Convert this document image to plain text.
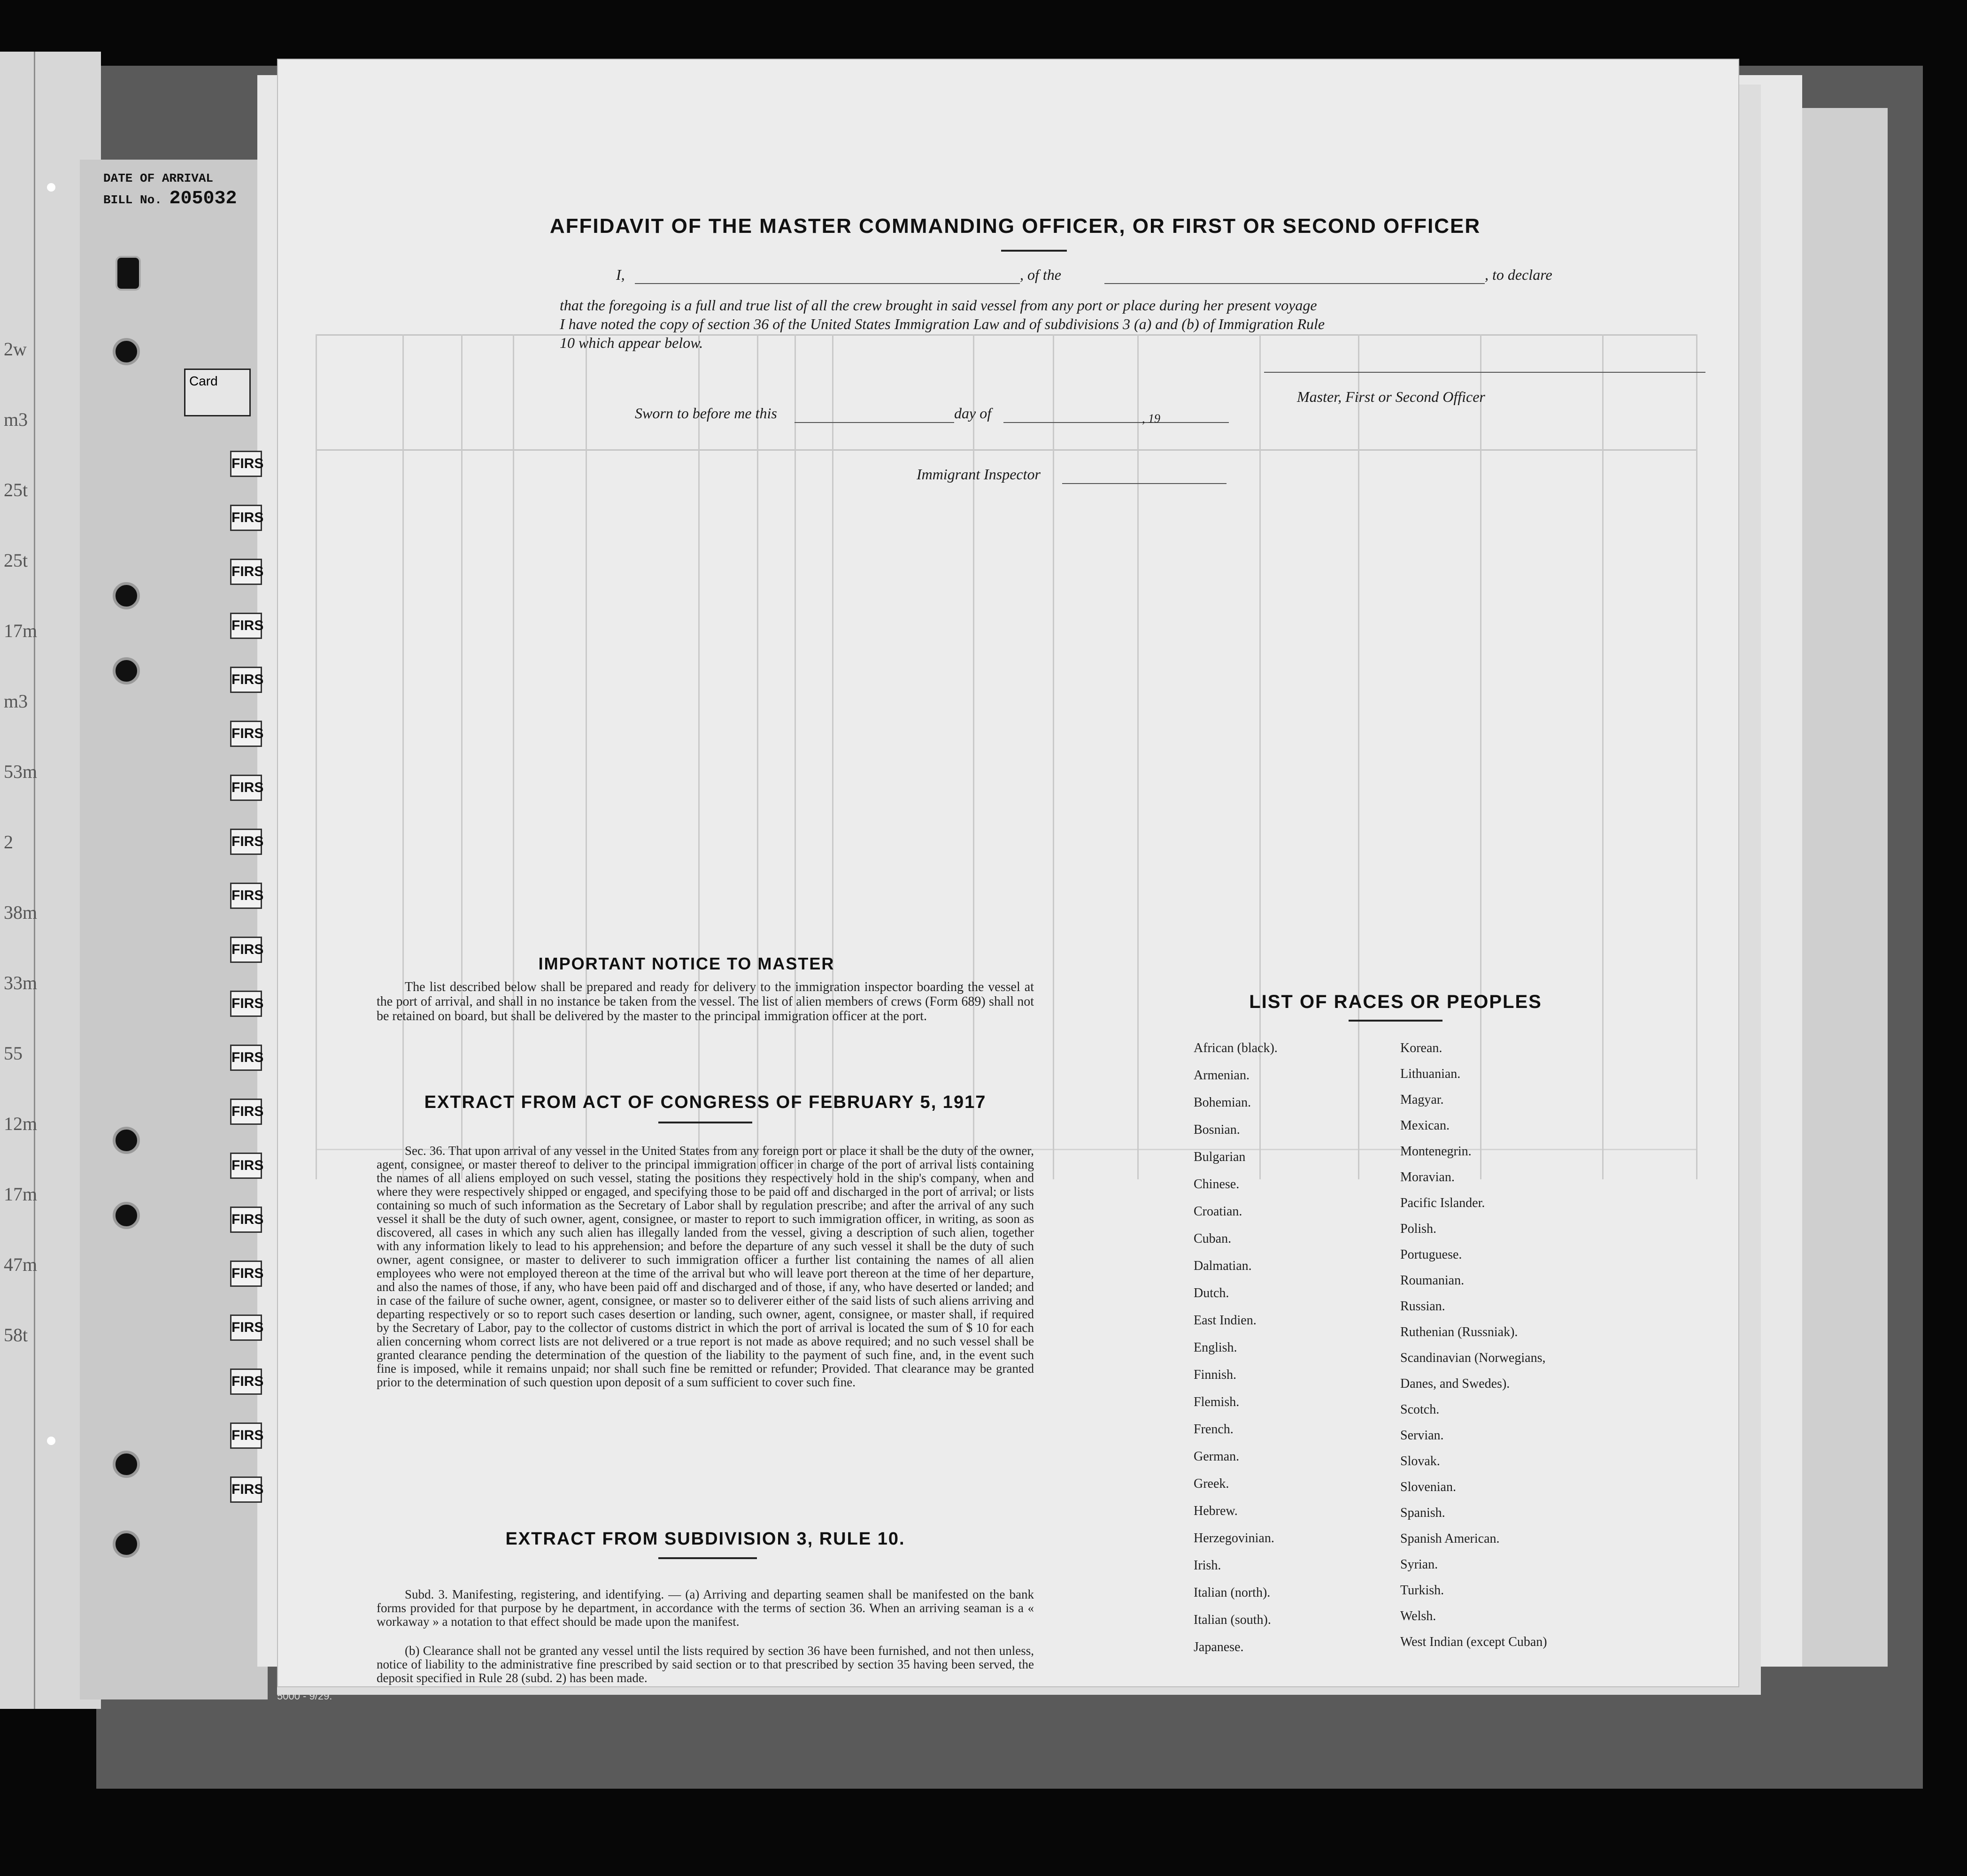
2w
m3
25t
25t
17m
m3
53m
2
38m
33m
55
12m
17m
47m
58t
DATE OF ARRIVAL
BILL No. 205032
Card
FIRS
FIRS
FIRS
FIRS
FIRS
FIRS
FIRS
FIRS
FIRS
FIRS
FIRS
FIRS
FIRS
FIRS
FIRS
FIRS
FIRS
FIRS
FIRS
FIRS
5000 - 9/29.
AFFIDAVIT OF THE MASTER COMMANDING OFFICER, OR FIRST OR SECOND OFFICER
I,	, of the	, to declare
that the foregoing is a full and true list of all the crew brought in said vessel from any port or place during her present voyage
I have noted the copy of section 36 of the United States Immigration Law and of subdivisions 3 (a) and (b) of Immigration Rule
10 which appear below.
Master, First or Second Officer
Sworn to before me this	day of	, 19
Immigrant Inspector
IMPORTANT NOTICE TO MASTER
The list described below shall be prepared and ready for delivery to the immigration inspector boarding the vessel at the port of arrival, and shall in no instance be taken from the vessel. The list of alien members of crews (Form 689) shall not be retained on board, but shall be delivered by the master to the principal immigration officer at the port.
EXTRACT FROM ACT OF CONGRESS OF FEBRUARY 5, 1917
Sec. 36. That upon arrival of any vessel in the United States from any foreign port or place it shall be the duty of the owner, agent, consignee, or master thereof to deliver to the principal immigration officer in charge of the port of arrival lists containing the names of all aliens employed on such vessel, stating the positions they respectively hold in the ship's company, when and where they were respectively shipped or engaged, and specifying those to be paid off and discharged in the port of arrival; or lists containing so much of such information as the Secretary of Labor shall by regulation prescribe; and after the arrival of any such vessel it shall be the duty of such owner, agent, consignee, or master to report to such immigration officer, in writing, as soon as discovered, all cases in which any such alien has illegally landed from the vessel, giving a description of such alien, together with any information likely to lead to his apprehension; and before the departure of any such vessel it shall be the duty of such owner, agent consignee, or master to deliverer to such immigration officer a further list containing the names of all alien employees who were not employed thereon at the time of the arrival but who will leave port thereon at the time of her departure, and also the names of those, if any, who have been paid off and discharged and of those, if any, who have deserted or landed; and in case of the failure of suche owner, agent, consignee, or master so to deliverer either of the said lists of such aliens arriving and departing respectively or so to report such cases desertion or landing, such owner, agent, consignee, or master shall, if required by the Secretary of Labor, pay to the collector of customs district in which the port of arrival is located the sum of $ 10 for each alien concerning whom correct lists are not delivered or a true report is not made as above required; and no such vessel shall be granted clearance pending the determination of the question of the liability to the payment of such fine, and, in the event such fine is imposed, while it remains unpaid; nor shall such fine be remitted or refunder; Provided. That clearance may be granted prior to the determination of such question upon deposit of a sum sufficient to cover such fine.
EXTRACT FROM SUBDIVISION 3, RULE 10.
Subd. 3. Manifesting, registering, and identifying. — (a) Arriving and departing seamen shall be manifested on the bank forms provided for that purpose by he department, in accordance with the terms of section 36. When an arriving seaman is a « workaway » a notation to that effect should be made upon the manifest.
(b) Clearance shall not be granted any vessel until the lists required by section 36 have been furnished, and not then unless, notice of liability to the administrative fine prescribed by said section or to that prescribed by section 35 having been served, the deposit specified in Rule 28 (subd. 2) has been made.
LIST OF RACES OR PEOPLES
African (black).
Armenian.
Bohemian.
Bosnian.
Bulgarian
Chinese.
Croatian.
Cuban.
Dalmatian.
Dutch.
East Indien.
English.
Finnish.
Flemish.
French.
German.
Greek.
Hebrew.
Herzegovinian.
Irish.
Italian (north).
Italian (south).
Japanese.
Korean.
Lithuanian.
Magyar.
Mexican.
Montenegrin.
Moravian.
Pacific Islander.
Polish.
Portuguese.
Roumanian.
Russian.
Ruthenian (Russniak).
Scandinavian (Norwegians,
Danes, and Swedes).
Scotch.
Servian.
Slovak.
Slovenian.
Spanish.
Spanish American.
Syrian.
Turkish.
Welsh.
West Indian (except Cuban)
